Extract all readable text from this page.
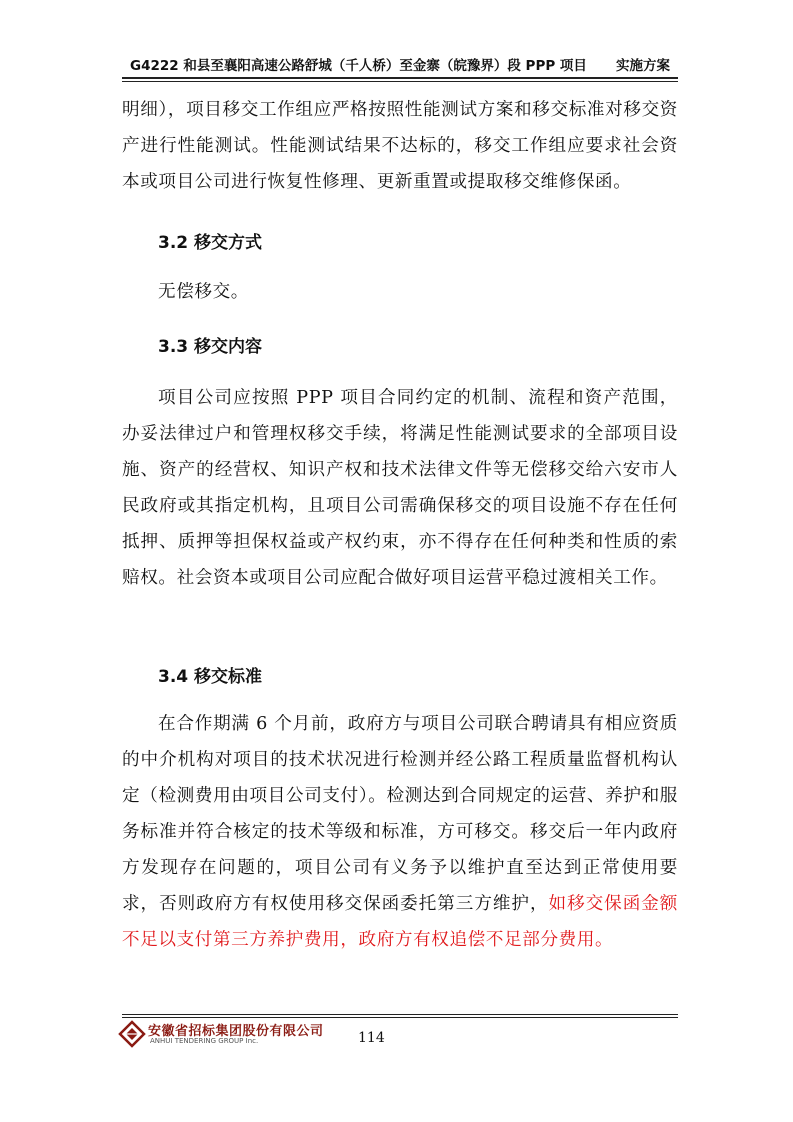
G4222 和县至襄阳高速公路舒城（千人桥）至金寨（皖豫界）段 PPP 项目 实施方案
明细），项目移交工作组应严格按照性能测试方案和移交标准对移交资产进行性能测试。性能测试结果不达标的，移交工作组应要求社会资本或项目公司进行恢复性修理、更新重置或提取移交维修保函。
3.2 移交方式
无偿移交。
3.3 移交内容
项目公司应按照 PPP 项目合同约定的机制、流程和资产范围，办妥法律过户和管理权移交手续，将满足性能测试要求的全部项目设施、资产的经营权、知识产权和技术法律文件等无偿移交给六安市人民政府或其指定机构，且项目公司需确保移交的项目设施不存在任何抵押、质押等担保权益或产权约束，亦不得存在任何种类和性质的索赔权。社会资本或项目公司应配合做好项目运营平稳过渡相关工作。
3.4 移交标准
在合作期满 6 个月前，政府方与项目公司联合聘请具有相应资质的中介机构对项目的技术状况进行检测并经公路工程质量监督机构认定（检测费用由项目公司支付）。检测达到合同规定的运营、养护和服务标准并符合核定的技术等级和标准，方可移交。移交后一年内政府方发现存在问题的，项目公司有义务予以维护直至达到正常使用要求，否则政府方有权使用移交保函委托第三方维护，如移交保函金额不足以支付第三方养护费用，政府方有权追偿不足部分费用。
安徽省招标集团股份有限公司
ANHUI TENDERING GROUP Inc.	114
